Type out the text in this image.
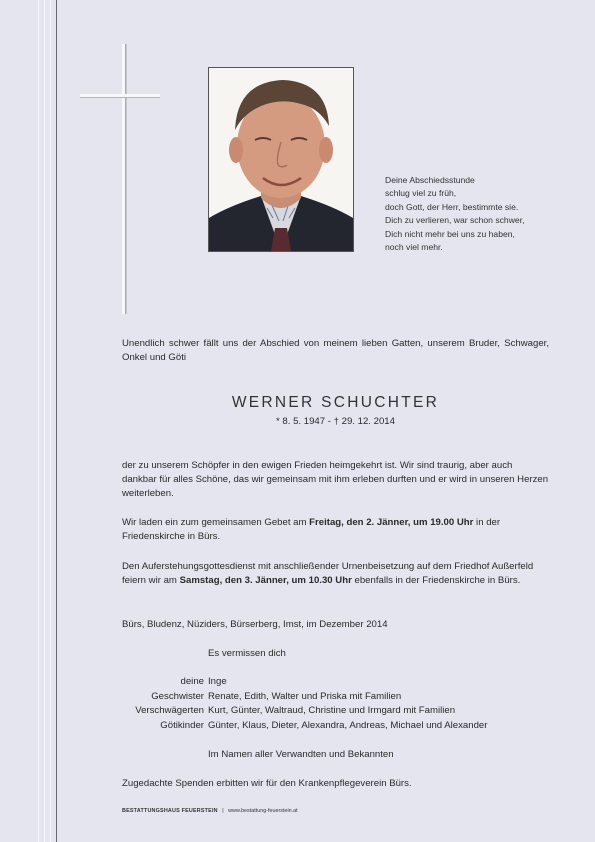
Deine Abschiedsstunde
schlug viel zu früh,
doch Gott, der Herr, bestimmte sie.
Dich zu verlieren, war schon schwer,
Dich nicht mehr bei uns zu haben,
noch viel mehr.
Unendlich schwer fällt uns der Abschied von meinem lieben Gatten, unserem Bruder, Schwager, Onkel und Göti
WERNER SCHUCHTER
* 8. 5. 1947 - † 29. 12. 2014
der zu unserem Schöpfer in den ewigen Frieden heimgekehrt ist. Wir sind traurig, aber auch dankbar für alles Schöne, das wir gemeinsam mit ihm erleben durften und er wird in unseren Herzen weiterleben.
Wir laden ein zum gemeinsamen Gebet am Freitag, den 2. Jänner, um 19.00 Uhr in der Friedenskirche in Bürs.
Den Auferstehungsgottesdienst mit anschließender Urnenbeisetzung auf dem Friedhof Außerfeld feiern wir am Samstag, den 3. Jänner, um 10.30 Uhr ebenfalls in der Friedenskirche in Bürs.
Bürs, Bludenz, Nüziders, Bürserberg, Imst, im Dezember 2014
Es vermissen dich
deine Inge
Geschwister Renate, Edith, Walter und Priska mit Familien
Verschwägerten Kurt, Günter, Waltraud, Christine und Irmgard mit Familien
Götikinder Günter, Klaus, Dieter, Alexandra, Andreas, Michael und Alexander
Im Namen aller Verwandten und Bekannten
Zugedachte Spenden erbitten wir für den Krankenpflegeverein Bürs.
BESTATTUNGSHAUS FEUERSTEIN | www.bestattung-feuerstein.at
